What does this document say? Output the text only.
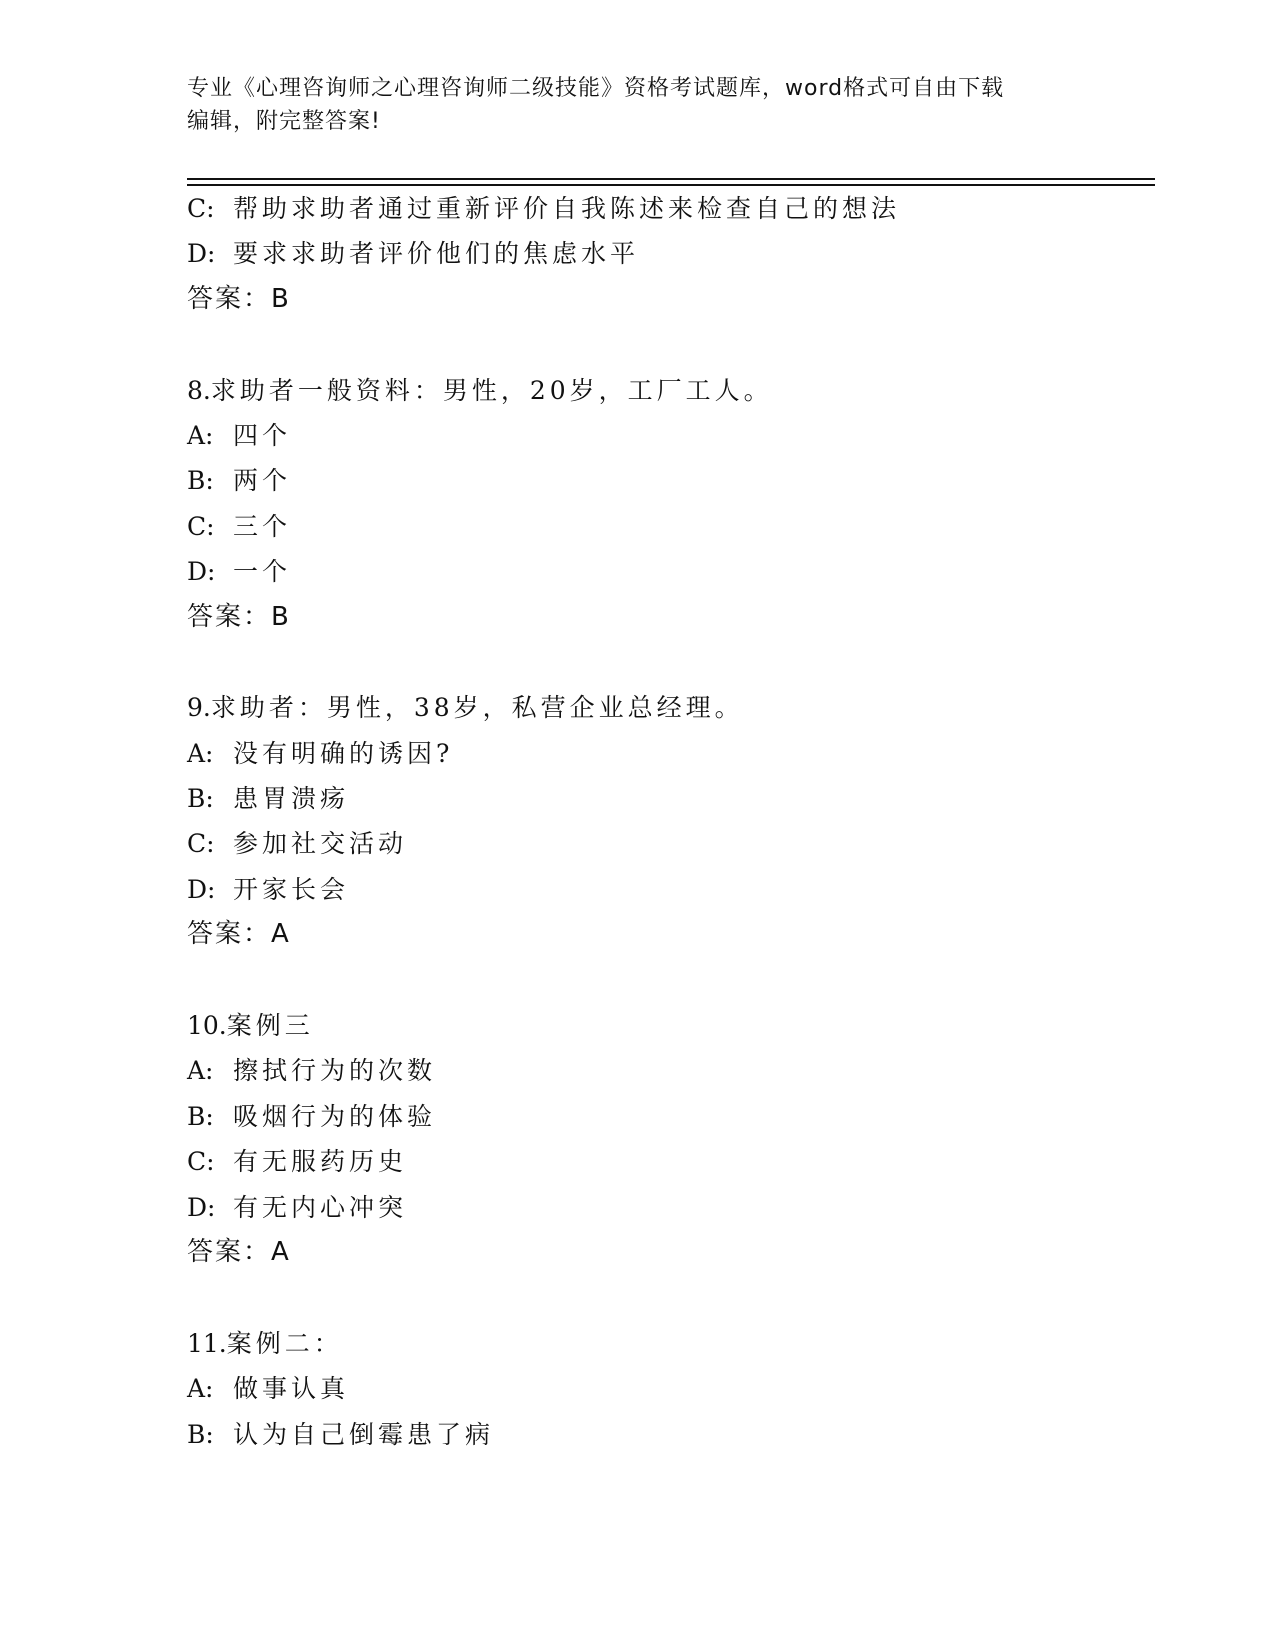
专业《心理咨询师之心理咨询师二级技能》资格考试题库，word格式可自由下载
编辑，附完整答案!
C: 帮助求助者通过重新评价自我陈述来检查自己的想法
D: 要求求助者评价他们的焦虑水平
答案：B
8.求助者一般资料：男性，20岁，工厂工人。
A: 四个
B: 两个
C: 三个
D: 一个
答案：B
9.求助者：男性，38岁，私营企业总经理。
A: 没有明确的诱因?
B: 患胃溃疡
C: 参加社交活动
D: 开家长会
答案：A
10.案例三
A: 擦拭行为的次数
B: 吸烟行为的体验
C: 有无服药历史
D: 有无内心冲突
答案：A
11.案例二：
A: 做事认真
B: 认为自己倒霉患了病
